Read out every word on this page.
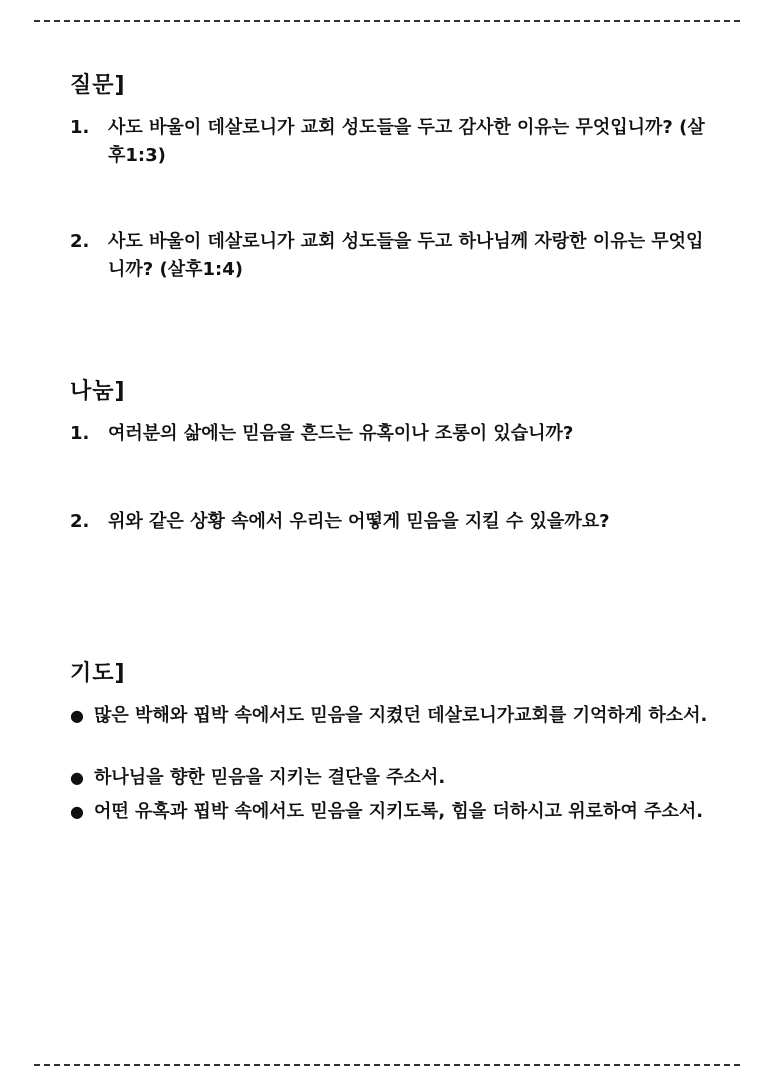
질문]
1.	사도 바울이 데살로니가 교회 성도들을 두고 감사한 이유는 무엇입니까? (살후1:3)
2.	사도 바울이 데살로니가 교회 성도들을 두고 하나님께 자랑한 이유는 무엇입니까? (살후1:4)
나눔]
1.	여러분의 삶에는 믿음을 흔드는 유혹이나 조롱이 있습니까?
2.	위와 같은 상황 속에서 우리는 어떻게 믿음을 지킬 수 있을까요?
기도]
● 많은 박해와 핍박 속에서도 믿음을 지켰던 데살로니가교회를 기억하게 하소서.
● 하나님을 향한 믿음을 지키는 결단을 주소서.
● 어떤 유혹과 핍박 속에서도 믿음을 지키도록, 힘을 더하시고 위로하여 주소서.
